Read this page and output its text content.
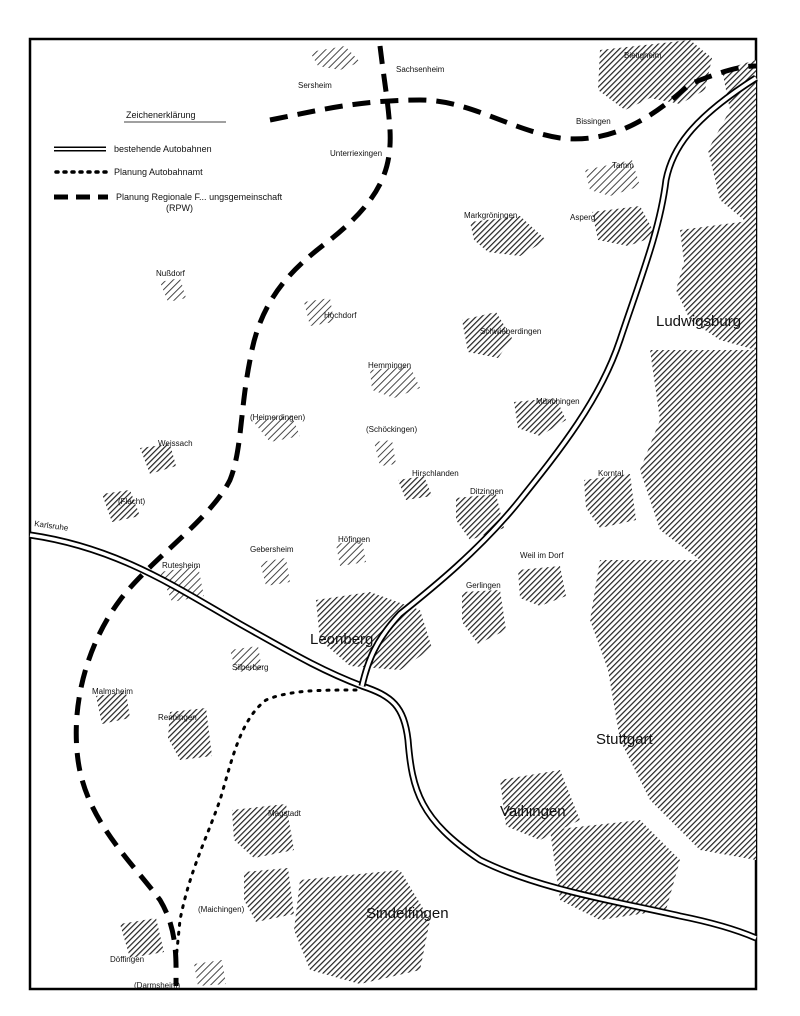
Zeichenerklärung
bestehende Autobahnen
Planung Autobahnamt
Planung Regionale F... ungsgemeinschaft
(RPW)
Sersheim
Sachsenheim
Bietigheim
Bissingen
Unterriexingen
Tamm
Markgröningen	Asperg
Nußdorf
Hochdorf
Schwieberdingen
Ludwigsburg
Hemmingen
(Heimerdingen)
(Schöckingen)
Münchingen
Weissach
Hirschlanden	Korntal
(Flacht)
Ditzingen
Karlsruhe
Höfingen
Gebersheim
Rutesheim
Weil im Dorf
Gerlingen
Leonberg
Silberberg
Malmsheim
Renningen
Stuttgart
Vaihingen
Magstadt
(Maichingen)	Sindelfingen
Döffingen
(Darmsheim)
